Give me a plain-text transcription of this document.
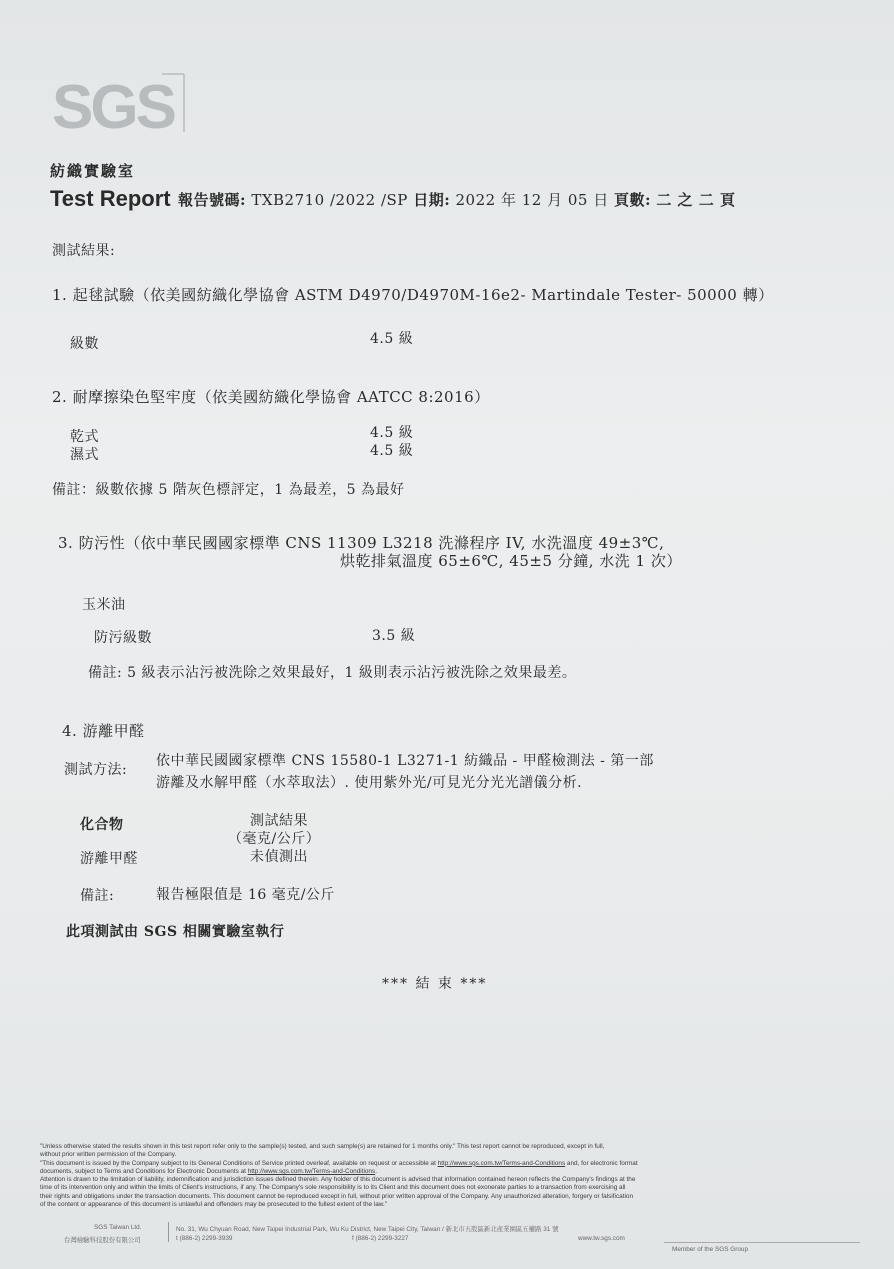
SGS
紡織實驗室
Test Report 報告號碼: TXB2710 /2022 /SP 日期: 2022 年 12 月 05 日 頁數: 二 之 二 頁
測試結果:
1. 起毬試驗（依美國紡織化學協會 ASTM D4970/D4970M-16e2- Martindale Tester- 50000 轉）
級數	4.5 級
2. 耐摩擦染色堅牢度（依美國紡織化學協會 AATCC 8:2016）
乾式	4.5 級
濕式	4.5 級
備註：級數依據 5 階灰色標評定，1 為最差，5 為最好
3. 防污性（依中華民國國家標準 CNS 11309 L3218 洗滌程序 IV, 水洗溫度 49±3℃,
烘乾排氣溫度 65±6℃, 45±5 分鐘, 水洗 1 次）
玉米油
防污級數	3.5 級
備註: 5 級表示沾污被洗除之效果最好，1 級則表示沾污被洗除之效果最差。
4. 游離甲醛
測試方法:
依中華民國國家標準 CNS 15580-1 L3271-1 紡織品 - 甲醛檢測法 - 第一部
游離及水解甲醛（水萃取法）. 使用紫外光/可見光分光光譜儀分析.
化合物	測試結果
（毫克/公斤）
游離甲醛	未偵測出
備註:	報告極限值是 16 毫克/公斤
此項測試由 SGS 相關實驗室執行
*** 結 束 ***
"Unless otherwise stated the results shown in this test report refer only to the sample(s) tested, and such sample(s) are retained for 1 months only." This test report cannot be reproduced, except in full,
without prior written permission of the Company.
"This document is issued by the Company subject to its General Conditions of Service printed overleaf, available on request or accessible at http://www.sgs.com.tw/Terms-and-Conditions and, for electronic format
documents, subject to Terms and Conditions for Electronic Documents at http://www.sgs.com.tw/Terms-and-Conditions.
Attention is drawn to the limitation of liability, indemnification and jurisdiction issues defined therein. Any holder of this document is advised that information contained hereon reflects the Company's findings at the
time of its intervention only and within the limits of Client's instructions, if any. The Company's sole responsibility is to its Client and this document does not exonerate parties to a transaction from exercising all
their rights and obligations under the transaction documents. This document cannot be reproduced except in full, without prior written approval of the Company. Any unauthorized alteration, forgery or falsification
of the content or appearance of this document is unlawful and offenders may be prosecuted to the fullest extent of the law."
SGS Taiwan Ltd.
台灣檢驗科技股份有限公司
No. 31, Wu Chyuan Road, New Taipei Industrial Park, Wu Ku District, New Taipei City, Taiwan / 新北市五股區新北產業園區五權路 31 號
t (886-2) 2299-3939	f (886-2) 2299-3227	www.tw.sgs.com
Member of the SGS Group
